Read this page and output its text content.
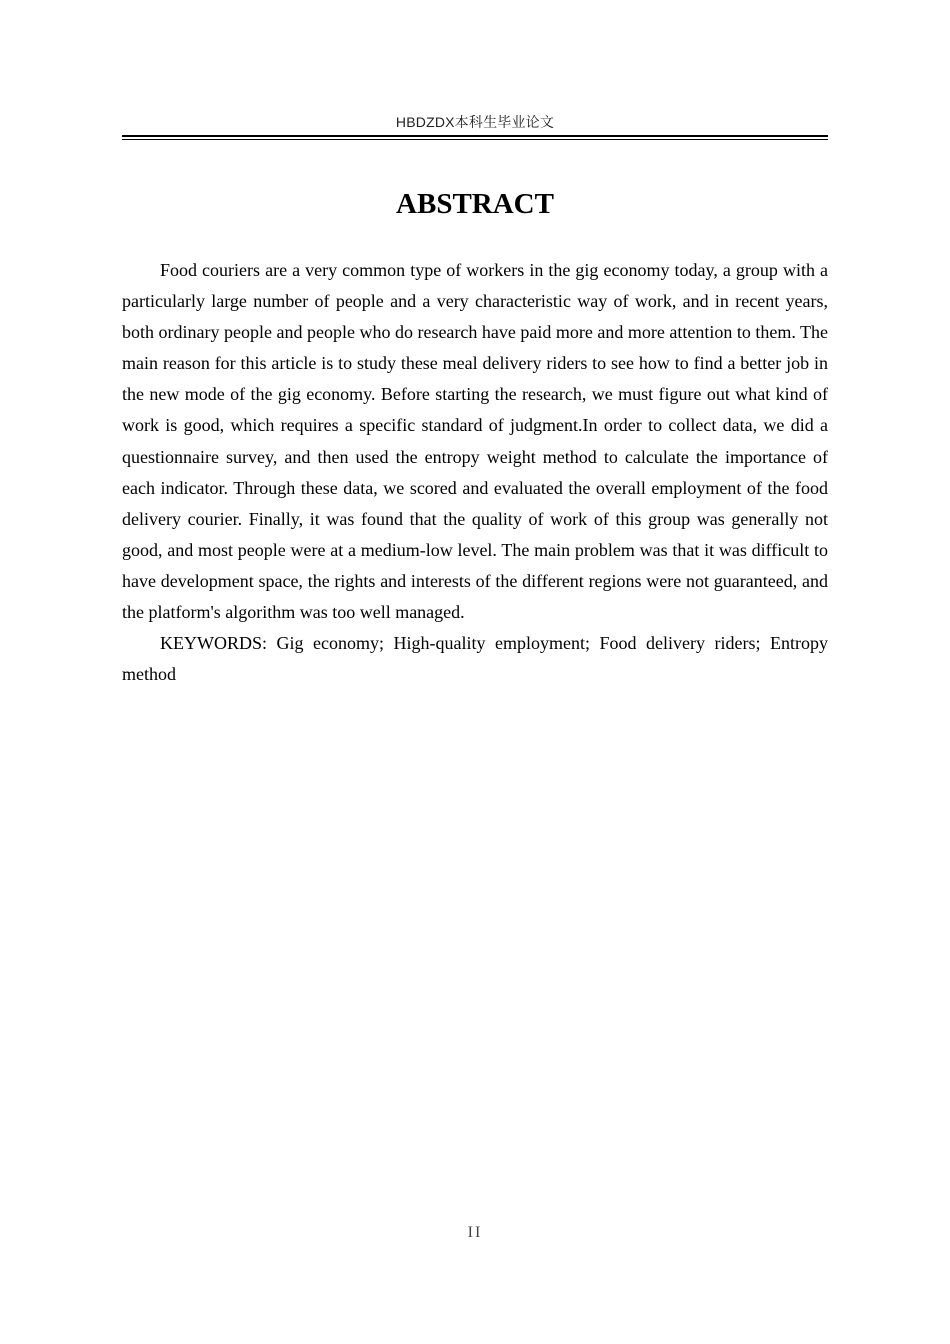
HBDZDX本科生毕业论文
ABSTRACT

Food couriers are a very common type of workers in the gig economy today, a group with a particularly large number of people and a very characteristic way of work, and in recent years, both ordinary people and people who do research have paid more and more attention to them. The main reason for this article is to study these meal delivery riders to see how to find a better job in the new mode of the gig economy. Before starting the research, we must figure out what kind of work is good, which requires a specific standard of judgment.In order to collect data, we did a questionnaire survey, and then used the entropy weight method to calculate the importance of each indicator. Through these data, we scored and evaluated the overall employment of the food delivery courier. Finally, it was found that the quality of work of this group was generally not good, and most people were at a medium-low level. The main problem was that it was difficult to have development space, the rights and interests of the different regions were not guaranteed, and the platform's algorithm was too well managed.

KEYWORDS: Gig economy; High-quality employment; Food delivery riders; Entropy method

II
